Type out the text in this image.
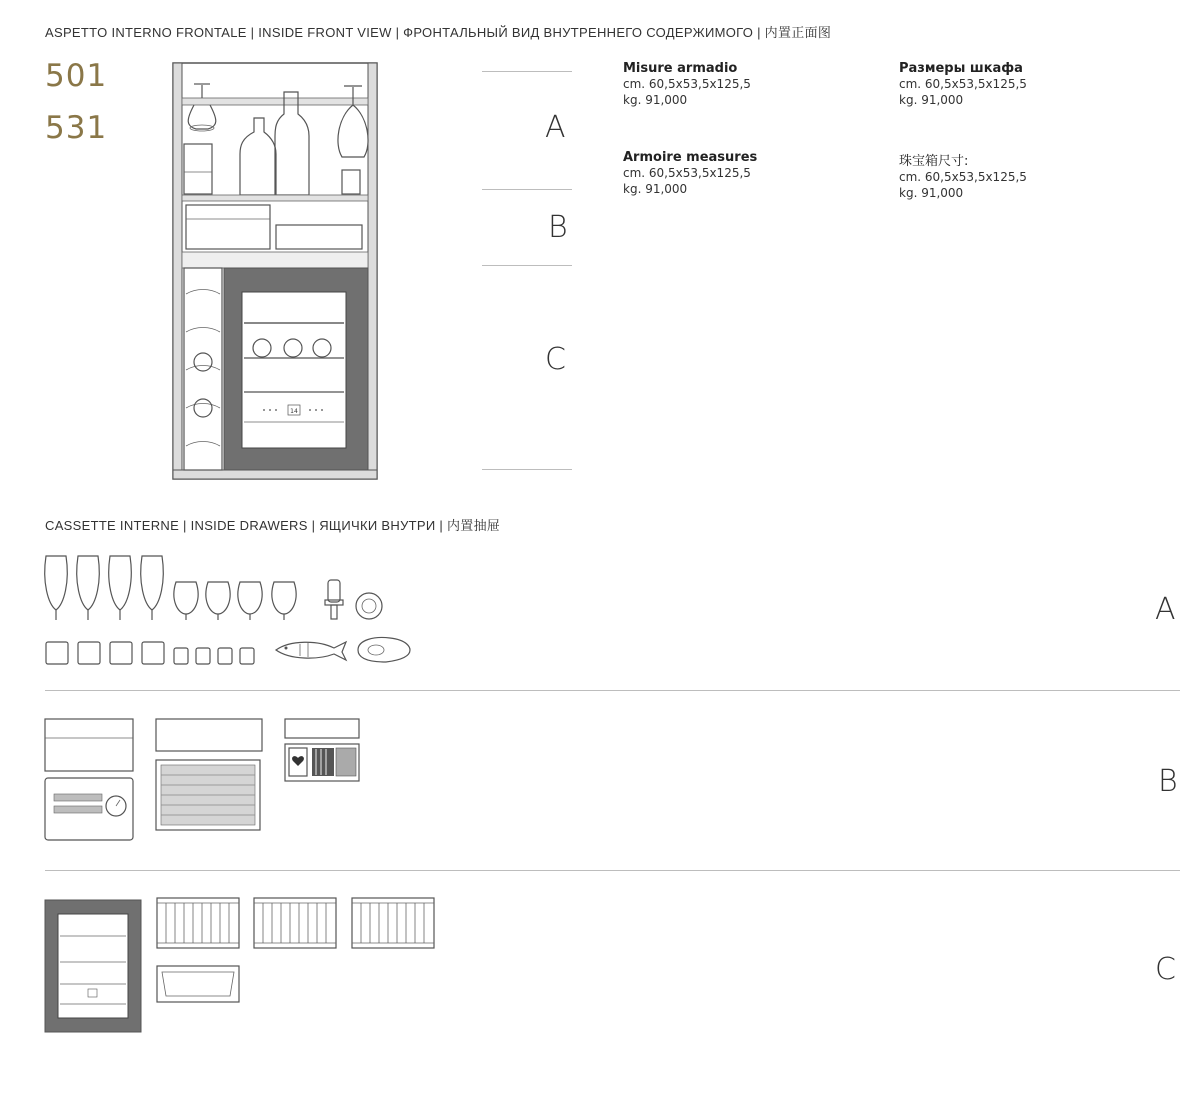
ASPETTO INTERNO FRONTALE | INSIDE FRONT VIEW | ФРОНТАЛЬНЫЙ ВИД ВНУТРЕННЕГО СОДЕРЖИМОГО | 内置正面图
501
531
14
A
B
C
Misure armadio
cm. 60,5x53,5x125,5
kg. 91,000
Размеры шкафа
cm. 60,5x53,5x125,5
kg. 91,000
Armoire measures
cm. 60,5x53,5x125,5
kg. 91,000
珠宝箱尺寸:
cm. 60,5x53,5x125,5
kg. 91,000
CASSETTE INTERNE | INSIDE DRAWERS | ЯЩИЧКИ ВНУТРИ | 内置抽屉
A
B
C
